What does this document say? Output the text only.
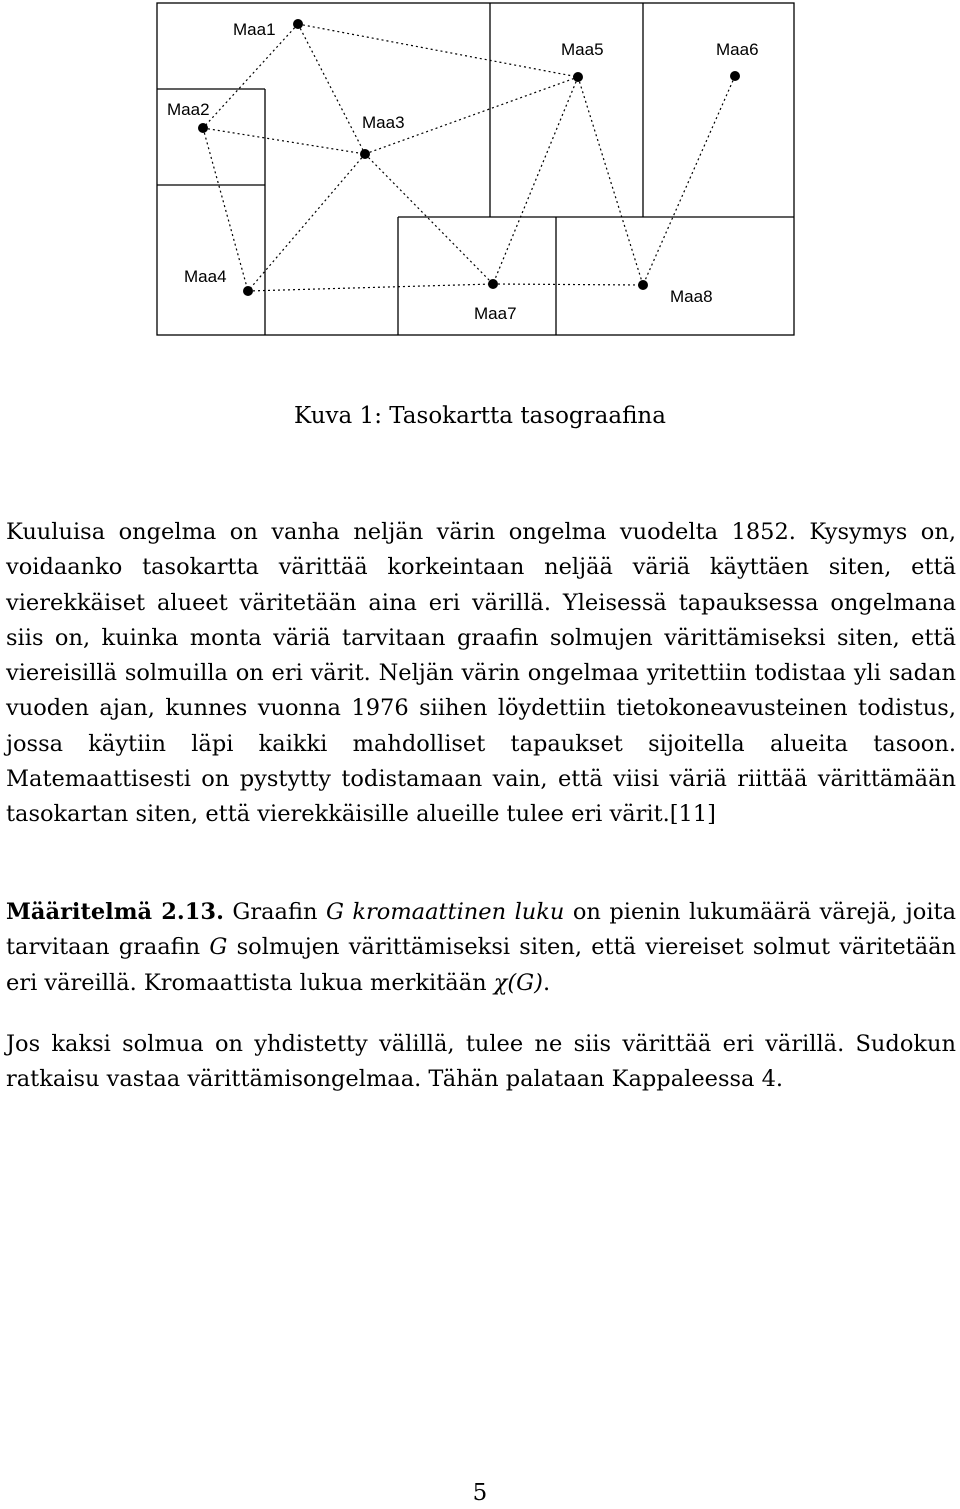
Maa1
Maa2
Maa3
Maa4
Maa5	Maa6
Maa7
Maa8
Kuva 1: Tasokartta tasograafina

Kuuluisa ongelma on vanha neljän värin ongelma vuodelta 1852. Kysymys on, voidaanko tasokartta värittää korkeintaan neljää väriä käyttäen siten, että vierekkäiset alueet väritetään aina eri värillä. Yleisessä tapauksessa ongelmana siis on, kuinka monta väriä tarvitaan graafin solmujen värittämiseksi siten, että viereisillä solmuilla on eri värit. Neljän värin ongelmaa yritettiin todistaa yli sadan vuoden ajan, kunnes vuonna 1976 siihen löydettiin tietokoneavusteinen todistus, jossa käytiin läpi kaikki mahdolliset tapaukset sijoitella alueita tasoon. Matemaattisesti on pystytty todistamaan vain, että viisi väriä riittää värittämään tasokartan siten, että vierekkäisille alueille tulee eri värit.[11]

Määritelmä 2.13. Graafin G kromaattinen luku on pienin lukumäärä värejä, joita tarvitaan graafin G solmujen värittämiseksi siten, että viereiset solmut väritetään eri väreillä. Kromaattista lukua merkitään χ(G).

Jos kaksi solmua on yhdistetty välillä, tulee ne siis värittää eri värillä. Sudokun ratkaisu vastaa värittämisongelmaa. Tähän palataan Kappaleessa 4.

5
